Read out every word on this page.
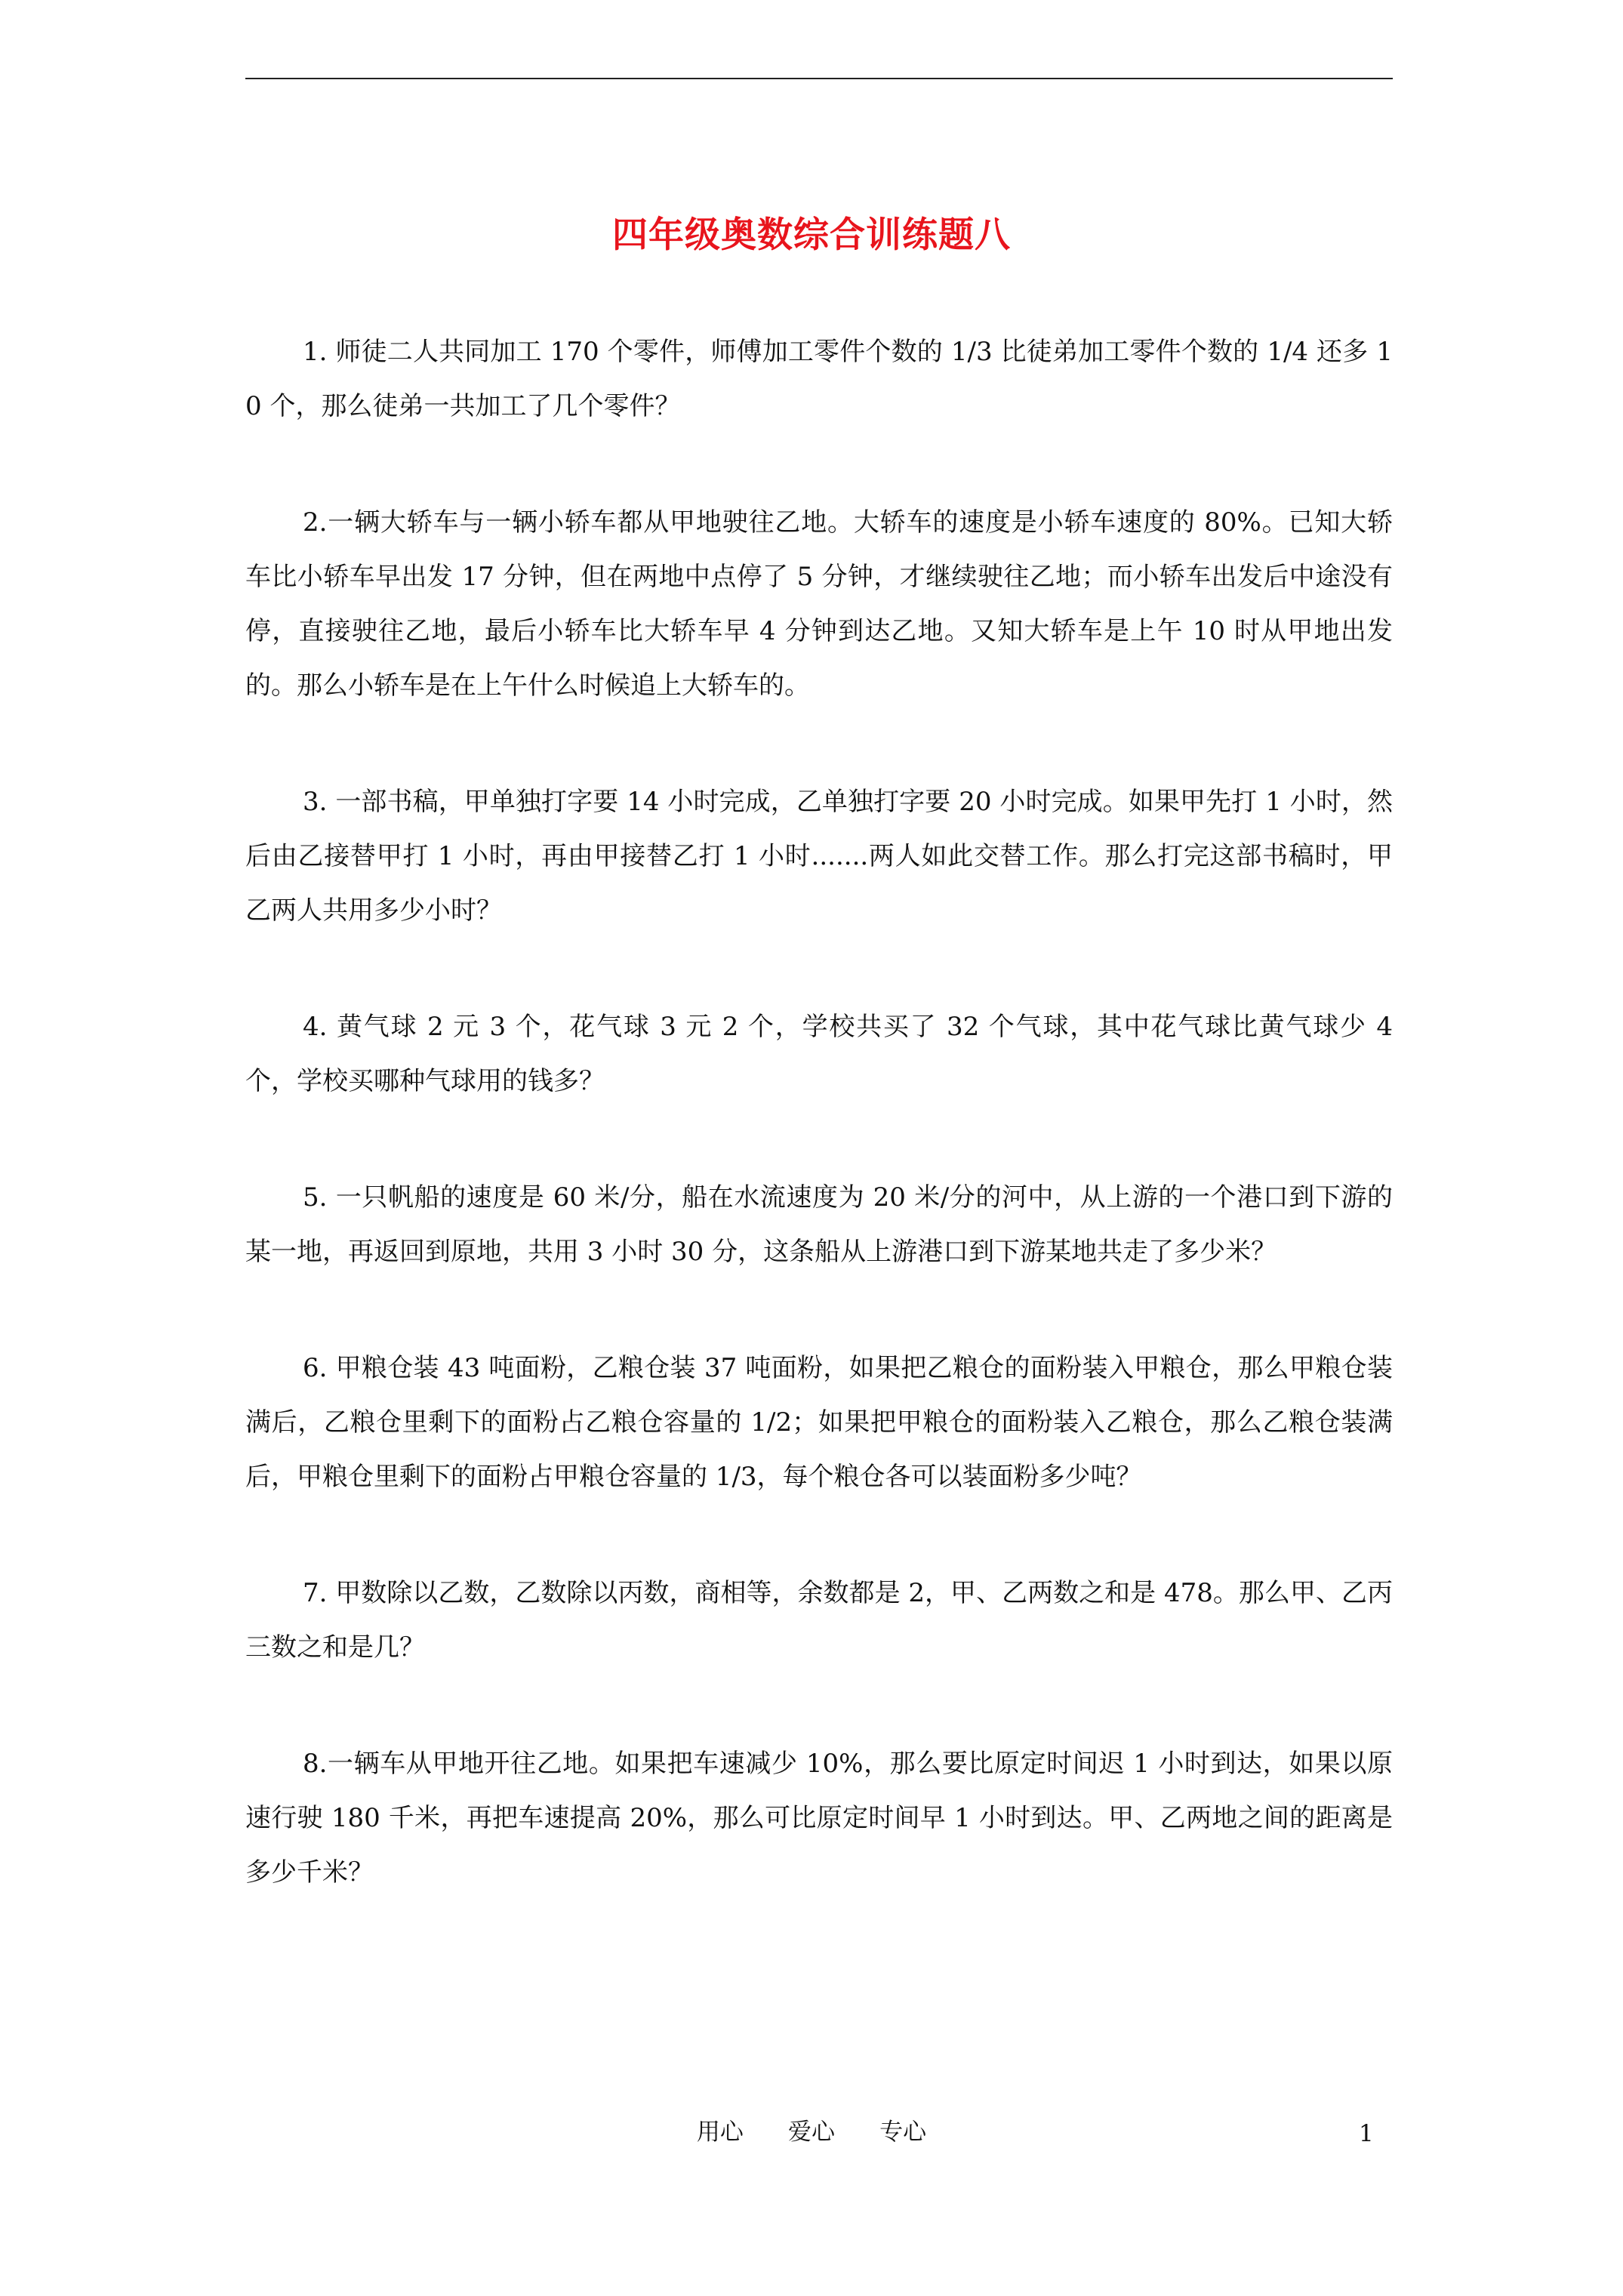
四年级奥数综合训练题八

1. 师徒二人共同加工 170 个零件，师傅加工零件个数的 1/3 比徒弟加工零件个数的 1/4 还多 10 个，那么徒弟一共加工了几个零件？

2.一辆大轿车与一辆小轿车都从甲地驶往乙地。大轿车的速度是小轿车速度的 80%。已知大轿车比小轿车早出发 17 分钟，但在两地中点停了 5 分钟，才继续驶往乙地；而小轿车出发后中途没有停，直接驶往乙地，最后小轿车比大轿车早 4 分钟到达乙地。又知大轿车是上午 10 时从甲地出发的。那么小轿车是在上午什么时候追上大轿车的。

3. 一部书稿，甲单独打字要 14 小时完成，乙单独打字要 20 小时完成。如果甲先打 1 小时，然后由乙接替甲打 1 小时，再由甲接替乙打 1 小时.......两人如此交替工作。那么打完这部书稿时，甲乙两人共用多少小时？

4. 黄气球 2 元 3 个，花气球 3 元 2 个，学校共买了 32 个气球，其中花气球比黄气球少 4 个，学校买哪种气球用的钱多？

5. 一只帆船的速度是 60 米/分，船在水流速度为 20 米/分的河中，从上游的一个港口到下游的某一地，再返回到原地，共用 3 小时 30 分，这条船从上游港口到下游某地共走了多少米？

6. 甲粮仓装 43 吨面粉，乙粮仓装 37 吨面粉，如果把乙粮仓的面粉装入甲粮仓，那么甲粮仓装满后，乙粮仓里剩下的面粉占乙粮仓容量的 1/2；如果把甲粮仓的面粉装入乙粮仓，那么乙粮仓装满后，甲粮仓里剩下的面粉占甲粮仓容量的 1/3，每个粮仓各可以装面粉多少吨？

7. 甲数除以乙数，乙数除以丙数，商相等，余数都是 2，甲、乙两数之和是 478。那么甲、乙丙三数之和是几？

8.一辆车从甲地开往乙地。如果把车速减少 10%，那么要比原定时间迟 1 小时到达，如果以原速行驶 180 千米，再把车速提高 20%，那么可比原定时间早 1 小时到达。甲、乙两地之间的距离是多少千米？

用心      爱心      专心	1
